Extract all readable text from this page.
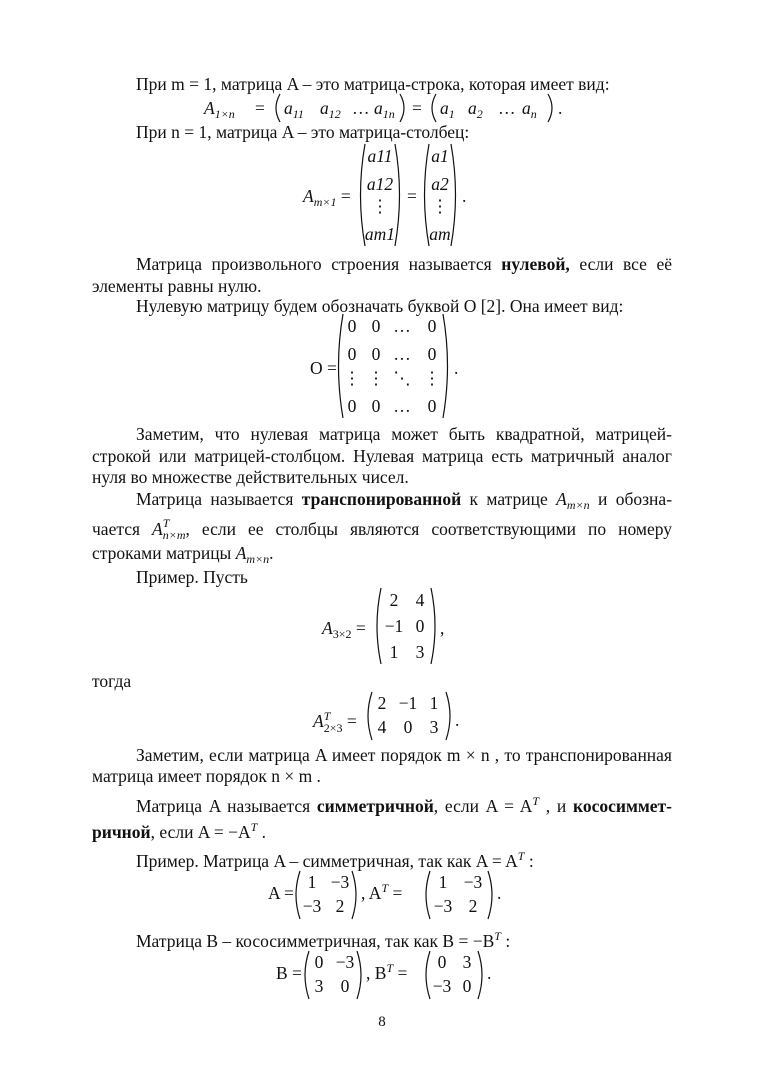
При m = 1, матрица A – это матрица-строка, которая имеет вид:
$A_{1\times n} = a_{11}$ $a_{12}$ … $a_{1n} = a_1$ $a_2$ … $a_n$ .
При n = 1, матрица A – это матрица-столбец:
$A_{m\times 1}$ =
a11
a12
⋮
am1
=
a1
a2
⋮
am
.
Матрица произвольного строения называется нулевой, если все её
элементы равны нулю.
Нулевую матрицу будем обозначать буквой O [2]. Она имеет вид:
O =
0 0 … 0
0 0 … 0
⋮ ⋮ ⋱ ⋮
0 0 … 0
.
Заметим, что нулевая матрица может быть квадратной, матрицей-
строкой или матрицей-столбцом. Нулевая матрица есть матричный аналог
нуля во множестве действительных чисел.
Матрица называется транспонированной к матрице $A_{m\times n}$ и обозна-
чается A T
n×m , если ее столбцы являются соответствующими по номеру
строками матрицы $A_{m\times n}$.
Пример. Пусть
$A_{3\times 2}$ =
2 4
−1 0
1 3
,
тогда
A T
2×3 =
2 −1 1
4 0 3 .
Заметим, если матрица A имеет порядок m × n , то транспонированная
матрица имеет порядок n × m .
Матрица A называется симметричной, если $A = A^T$ , и кососиммет-
ричной, если $A = -A^T$ .
Пример. Матрица A – симметричная, так как $A = A^T$ :
A =
1 −3
−3 2
, $A^T$ =
1 −3
−3 2
.
Матрица B – кососимметричная, так как $B = -B^T$ :
B =
0 −3
3 0
, $B^T$ =
0 3
−3 0
.
8
